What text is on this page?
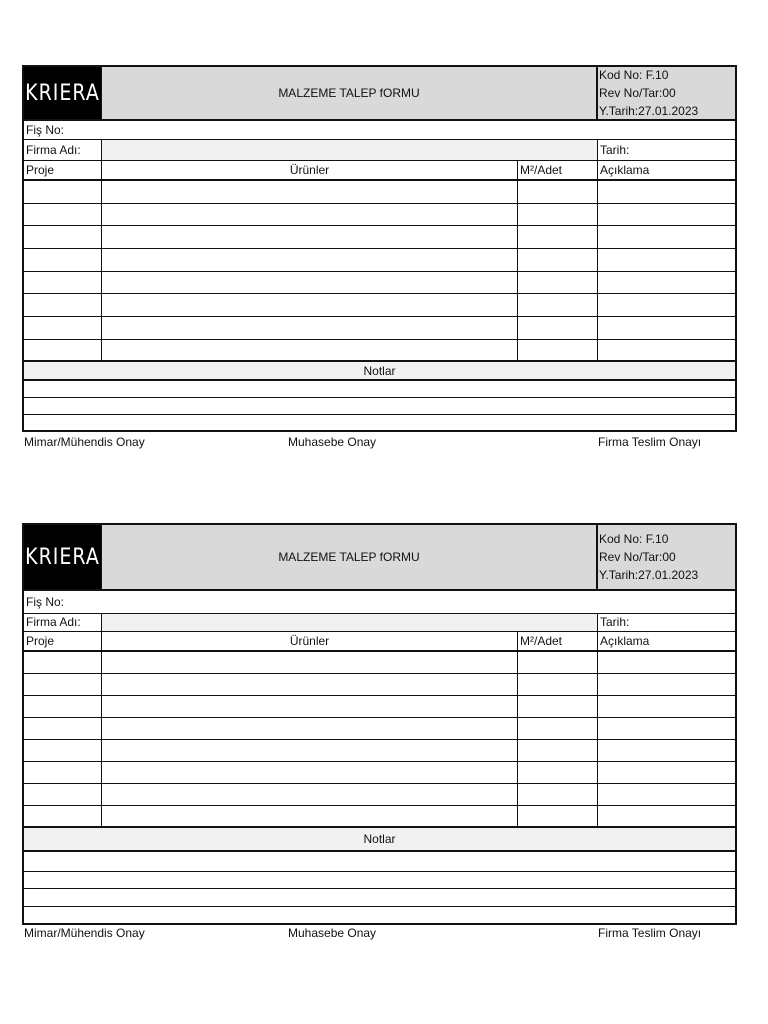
KRIERA	MALZEME TALEP fORMU
Kod No: F.10
Rev No/Tar:00
Y.Tarih:27.01.2023
Fiş No:
Firma Adı:	Tarih:
Proje	Ürünler	M²/Adet	Açıklama
Notlar
Mimar/Mühendis Onay	Muhasebe Onay	Firma Teslim Onayı
KRIERA	MALZEME TALEP fORMU
Kod No: F.10
Rev No/Tar:00
Y.Tarih:27.01.2023
Fiş No:
Firma Adı:	Tarih:
Proje	Ürünler	M²/Adet	Açıklama
Notlar
Mimar/Mühendis Onay	Muhasebe Onay	Firma Teslim Onayı
